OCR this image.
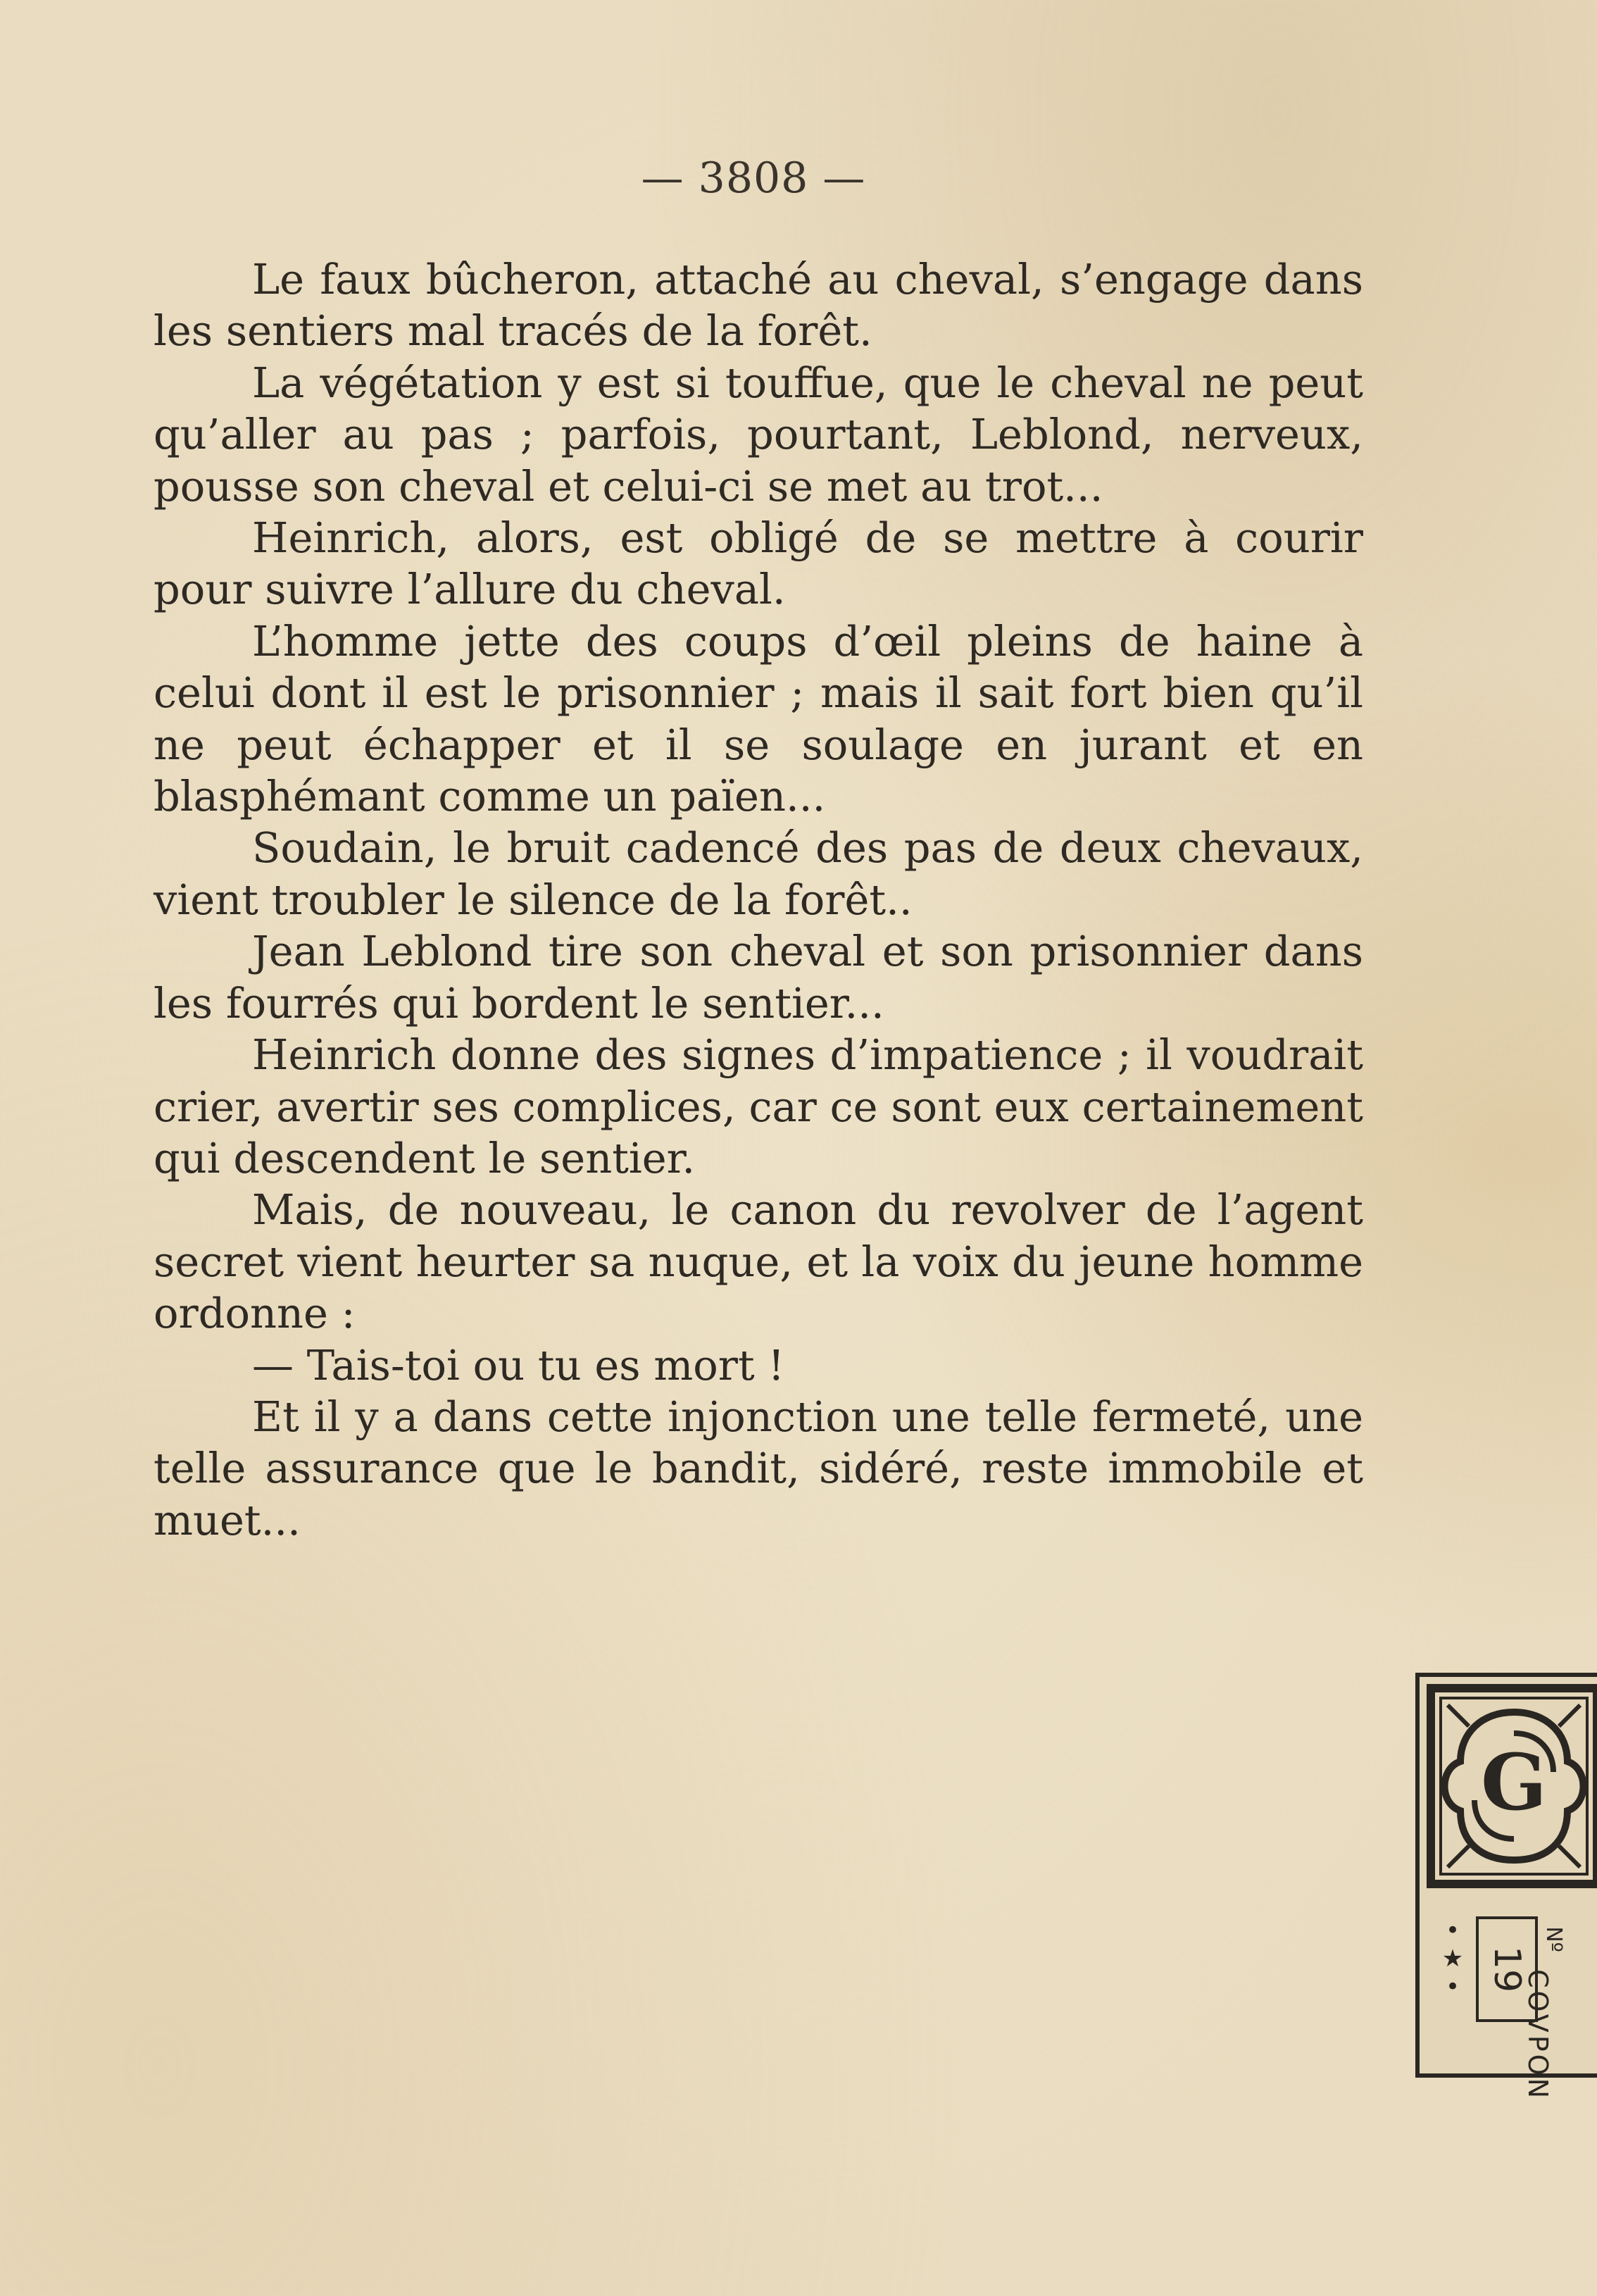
— 3808 —

Le faux bûcheron, attaché au cheval, s’engage dans les sentiers mal tracés de la forêt.

La végétation y est si touffue, que le cheval ne peut qu’aller au pas ; parfois, pourtant, Leblond, nerveux, pousse son cheval et celui-ci se met au trot...

Heinrich, alors, est obligé de se mettre à courir pour suivre l’allure du cheval.

L’homme jette des coups d’œil pleins de haine à celui dont il est le prisonnier ; mais il sait fort bien qu’il ne peut échapper et il se soulage en jurant et en blasphémant comme un païen...

Soudain, le bruit cadencé des pas de deux chevaux, vient troubler le silence de la forêt..

Jean Leblond tire son cheval et son prisonnier dans les fourrés qui bordent le sentier...

Heinrich donne des signes d’impatience ; il voudrait crier, avertir ses complices, car ce sont eux certainement qui descendent le sentier.

Mais, de nouveau, le canon du revolver de l’agent secret vient heurter sa nuque, et la voix du jeune homme ordonne :

— Tais-toi ou tu es mort !

Et il y a dans cette injonction une telle fermeté, une telle assurance que le bandit, sidéré, reste immobile et muet...

G
•
★
• 19
Nº
COVPON
